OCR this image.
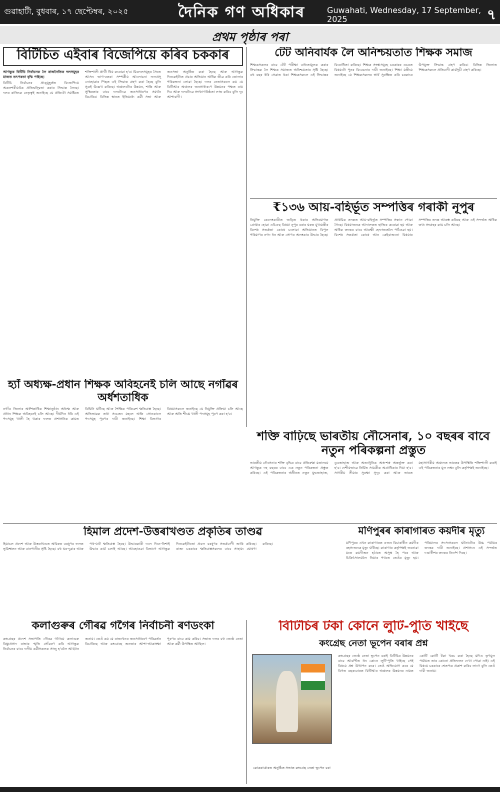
গুৱাহাটী, বুধবাৰ, ১৭ ছেপ্টেম্বৰ, ২০২৫	দৈনিক গণ অধিকাৰ	Guwahati, Wednesday, 17 September, 2025	৭
প্ৰথম পৃষ্ঠাৰ পৰা
বিটিচিত এইবাৰ বিজেপিয়ে কৰিব চককাৰ

আগন্তুক বিটিচি নিৰ্বাচনক লৈ ৰাজনৈতিক দলসমূহৰ মাজত তৎপৰতা বৃদ্ধি পাইছে।

বিটিচি নিৰ্বাচনৰ প্ৰাক্‌মুহূৰ্তত বিজেপিয়ে অকলশৰীয়াকৈ প্ৰতিদ্বন্দ্বিতা কৰাৰ সিদ্ধান্ত লৈছে। দলৰ ৰাজ্যিক নেতৃত্বই জনাইছে যে প্ৰতিটো সমষ্টিতে শক্তিশালী প্ৰাৰ্থী থিয় কৰোৱা হ'ব। মিত্ৰদলসমূহৰ সৈতে আসন ভাগ-বতৰা সম্পৰ্কীয় আলোচনা ফলপ্ৰসূ নোহোৱাৰ পিছত এই সিদ্ধান্ত গ্ৰহণ কৰা হৈছে বুলি সূত্ৰই উল্লেখ কৰিছে। অঞ্চলটোৰ উন্নয়ন, শান্তি আৰু সুস্থিৰতাৰ বাবে দলটোৱে জনসাধাৰণৰ সমৰ্থন বিচাৰিব। বিভিন্ন স্থানত ইতিমধ্যে কৰ্মী সভা আৰু জনসভা অনুষ্ঠিত কৰা হৈছে আৰু আগন্তুক দিনকেইটাত প্ৰচাৰ অভিযান অধিক তীব্ৰ কৰি তোলাৰ পৰিকল্পনা লোৱা হৈছে। দলৰ নেতাসকলে কয় যে বিটিআৰ অঞ্চলৰ জনসাধাৰণে উন্নয়নৰ পক্ষত ৰায় দিব আৰু দলটোৱে সংখ্যাগৰিষ্ঠতা লাভ কৰিব বুলি দৃঢ় আশাবাদী।

হ্যাঁ অধ্যক্ষ-প্ৰধান শিক্ষক অবিহনেই চলি আছে নগাঁৱৰ অৰ্ধশতাধিক

নগাঁও জিলাৰ অৰ্ধশতাধিক শিক্ষানুষ্ঠান অধ্যক্ষ আৰু প্ৰধান শিক্ষক অবিহনেই চলি আছে। দীৰ্ঘদিন ধৰি এই পদসমূহ খালী হৈ থকাৰ ফলত প্ৰশাসনিক কামত বিঘিনি ঘটিছে আৰু শৈক্ষিক পৰিৱেশ ক্ষতিগ্ৰস্ত হৈছে। অভিভাৱক তথা সচেতন মহলে অতি সোনকালে পদসমূহ পূৰণৰ দাবী জনাইছে। শিক্ষা বিভাগৰ বিষয়াসকলে জনাইছে যে নিযুক্তি প্ৰক্ৰিয়া চলি আছে আৰু অতি শীঘ্ৰে খালী পদসমূহ পূৰণ কৰা হ'ব।

হিমাল প্ৰদেশ-উত্তৰাখণ্ডত প্ৰকৃতিৰ তাণ্ডৱ

হিমাচল প্ৰদেশ আৰু উত্তৰাখণ্ডত অবিৰত বৰষুণৰ ফলত ভূমিস্খলন আৰু বানপানীৰ সৃষ্টি হৈছে। বহু ঘৰ-দুৱাৰ আৰু পথ-ঘাট ক্ষতিগ্ৰস্ত হৈছে। উদ্ধাৰকাৰী দলে দিনে-নিশাই উদ্ধাৰ কাৰ্য চলাই আছে। আবহাওৱা বিভাগে আগন্তুক দিনকেইটাতো প্ৰবল বৰষুণৰ সতৰ্কবাণী জাৰি কৰিছে। ৰাজ্য চৰকাৰে ক্ষতিগ্ৰস্তসকলৰ বাবে সাহায্য ঘোষণা কৰিছে।

কলাগুৰুৰ গৌৰৱ গগৈৰ নিৰ্বাচনী ৰণডংকা

কংগ্ৰেছৰ প্ৰদেশ সভাপতি গৌৰৱ গগৈয়ে কলাগুৰু বিষ্ণুপ্ৰসাদ ৰাভাৰ স্মৃতি সোঁৱৰণ কৰি আগন্তুক নিৰ্বাচনৰ বাবে দলীয় কৰ্মীসকলক সাজু হ'বলৈ আহ্বান জনায়। তেওঁ কয় যে ৰাজ্যখনৰ জনসাধাৰণে পৰিৱৰ্তন বিচাৰিছে আৰু কংগ্ৰেছে জনতাৰ আশা-আকাংক্ষা পূৰণৰ বাবে কাম কৰিব। সভাত দলৰ বহু জ্যেষ্ঠ নেতা আৰু কৰ্মী উপস্থিত আছিল।

টেট অনিবাৰ্যক লৈ অনিশ্চয়তাত শিক্ষক সমাজ

শিক্ষকসকলৰ বাবে টেট পৰীক্ষা বাধ্যতামূলক কৰাৰ সিদ্ধান্তক লৈ শিক্ষক সমাজত অনিশ্চয়তাৰ সৃষ্টি হৈছে। বহু বছৰ ধৰি সেৱাত থকা শিক্ষকসকলে এই সিদ্ধান্তৰ বিৰোধিতা কৰিছে। শিক্ষক সংস্থাসমূহে চৰকাৰৰ ওচৰত বিষয়টো পুনৰ বিবেচনাৰ দাবী জনাইছে। শিক্ষা মন্ত্ৰীয়ে জনাইছে যে শিক্ষকসকলৰ স্বাৰ্থ সুৰক্ষিত কৰি চৰকাৰে উপযুক্ত সিদ্ধান্ত গ্ৰহণ কৰিব। বিভিন্ন জিলাত শিক্ষকসকলে প্ৰতিবাদী কাৰ্যসূচী গ্ৰহণ কৰিছে।

₹১৩৬ আয়-বহিৰ্ভূত সম্পত্তিৰ গৰাকী নূপুৰ

নিযুক্তি কেলেংকাৰীত জড়িত থকাৰ অভিযোগত গ্ৰেপ্তাৰ হোৱা এচিএছ বিষয়া নূপুৰ বৰাৰ ঘৰত মুখ্যমন্ত্ৰীৰ বিশেষ সতৰ্কতা কোষে চলোৱা অভিযানত বিপুল পৰিমাণৰ নগদ ধন আৰু সোণৰ অলংকাৰ উদ্ধাৰ হৈছে। প্ৰাথমিক তদন্তত আয়-বহিৰ্ভূত সম্পত্তিৰ সন্ধান পোৱা গৈছে। বিষয়াজনক আদালতত হাজিৰ কৰোৱা হয় আৰু অধিক তদন্তৰ বাবে আৰক্ষী হেফাজতলৈ পঠিওৱা হয়। বিশেষ সতৰ্কতা কোষে আন কেইবাজনো বিষয়াৰ সম্পত্তিৰ তদন্ত আৰম্ভ কৰিছে আৰু এই সন্দৰ্ভত অধিক তথ্য সংগ্ৰহৰ কাম চলি আছে।

শক্তি বাঢ়িছে ভাৰতীয় নৌসেনাৰ, ১০ বছৰৰ বাবে নতুন পৰিকল্পনা প্ৰস্তুত

ভাৰতীয় নৌসেনাৰ শক্তি বৃদ্ধিৰ বাবে প্ৰতিৰক্ষা মন্ত্ৰালয়ে আগন্তুক দহ বছৰৰ বাবে এক নতুন পৰিকল্পনা প্ৰস্তুত কৰিছে। এই পৰিকল্পনাৰ অধীনত নতুন যুদ্ধজাহাজ, ডুবজাহাজ আৰু অত্যাধুনিক অস্ত্ৰ-শস্ত্ৰ অন্তৰ্ভুক্ত কৰা হ'ব। দেশীয়ভাৱে নিৰ্মিত সামগ্ৰীক অগ্ৰাধিকাৰ দিয়া হ'ব। সাগৰীয় সীমাৰ সুৰক্ষা সুদৃঢ় কৰা আৰু ভাৰত মহাসাগৰীয় অঞ্চলত ভাৰতৰ উপস্থিতি শক্তিশালী কৰাই এই পৰিকল্পনাৰ মূল লক্ষ্য বুলি কৰ্তৃপক্ষই জনাইছে।

মণিপুৰৰ কাৰাগাৰত কয়দীৰ মৃত্যু

মণিপুৰৰ এখন কাৰাগাৰত এজন বিচাৰাধীন কয়দীৰ ৰহস্যজনক মৃত্যু ঘটিছে। কাৰাগাৰ কৰ্তৃপক্ষই জনোৱা মতে কয়দীজন হঠাতে অসুস্থ হৈ পৰে আৰু চিকিৎসালয়লৈ নিয়াৰ পথতে তেওঁৰ মৃত্যু হয়। পৰিয়ালৰ সদস্যসকলে ঘটনাটোৰ উচ্চ পৰ্যায়ৰ তদন্তৰ দাবী জনাইছে। প্ৰশাসনে এই সন্দৰ্ভত দণ্ডাধীশৰ তদন্তৰ নিৰ্দেশ দিছে।

বিটিচিৰ টকা কোনে লুটি-পুতি খাইছে
কংগ্ৰেছ নেতা ভূপেন বৰাৰ প্ৰশ্ন
কোকৰাঝাৰত অনুষ্ঠিত সভাত কংগ্ৰেছ নেতা ভূপেন বৰা

কংগ্ৰেছৰ জ্যেষ্ঠ নেতা ভূপেন বৰাই বিটিচিৰ উন্নয়নৰ বাবে আবণ্টিত ধন কোনে লুটি-পুতি খাইছে সেই বিষয়ে প্ৰশ্ন উত্থাপন কৰে। তেওঁ অভিযোগ কৰে যে বিগত বছৰবোৰত বিটিআৰ অঞ্চলৰ উন্নয়নৰ নামত কোটি কোটি টকা খৰচ কৰা হৈছে যদিও তৃণমূল পৰ্যায়ত তাৰ কোনো প্ৰতিফলন দেখা পোৱা নাই। এই বিষয়ে চৰকাৰে শ্বেতপত্ৰ প্ৰকাশ কৰিব লাগে বুলি তেওঁ দাবী জনায়।
